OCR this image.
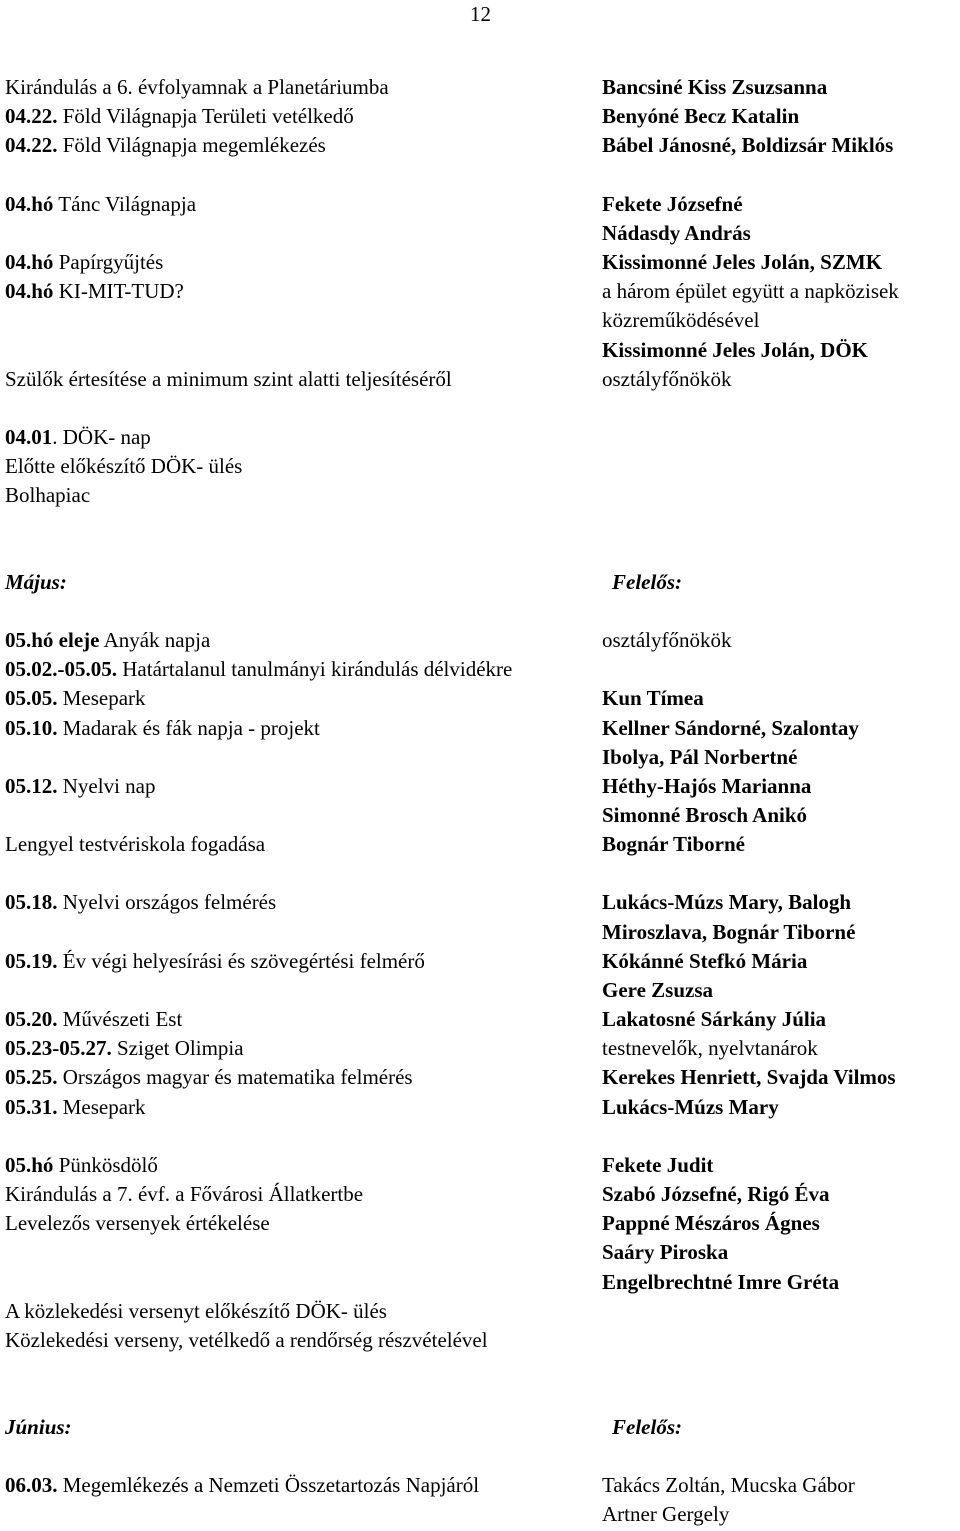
12
Kirándulás a 6. évfolyamnak a Planetáriumba	Bancsiné Kiss Zsuzsanna
04.22. Föld Világnapja Területi vetélkedő	Benyóné Becz Katalin
04.22. Föld Világnapja megemlékezés	Bábel Jánosné, Boldizsár Miklós
04.hó Tánc Világnapja	Fekete Józsefné
Nádasdy András
04.hó Papírgyűjtés	Kissimonné Jeles Jolán, SZMK
04.hó KI-MIT-TUD?	a három épület együtt a napközisek
közreműködésével
Kissimonné Jeles Jolán, DÖK
Szülők értesítése a minimum szint alatti teljesítéséről	osztályfőnökök
04.01. DÖK- nap
Előtte előkészítő DÖK- ülés
Bolhapiac
Május:	Felelős:
05.hó eleje Anyák napja	osztályfőnökök
05.02.-05.05. Határtalanul tanulmányi kirándulás délvidékre
05.05. Mesepark	Kun Tímea
05.10. Madarak és fák napja - projekt	Kellner Sándorné, Szalontay
Ibolya, Pál Norbertné
05.12. Nyelvi nap	Héthy-Hajós Marianna
Simonné Brosch Anikó
Lengyel testvériskola fogadása	Bognár Tiborné
05.18. Nyelvi országos felmérés	Lukács-Múzs Mary, Balogh
Miroszlava, Bognár Tiborné
05.19. Év végi helyesírási és szövegértési felmérő	Kókánné Stefkó Mária
Gere Zsuzsa
05.20. Művészeti Est	Lakatosné Sárkány Júlia
05.23-05.27. Sziget Olimpia	testnevelők, nyelvtanárok
05.25. Országos magyar és matematika felmérés	Kerekes Henriett, Svajda Vilmos
05.31. Mesepark	Lukács-Múzs Mary
05.hó Pünkösdölő	Fekete Judit
Kirándulás a 7. évf. a Fővárosi Állatkertbe	Szabó Józsefné, Rigó Éva
Levelezős versenyek értékelése	Pappné Mészáros Ágnes
Saáry Piroska
Engelbrechtné Imre Gréta
A közlekedési versenyt előkészítő DÖK- ülés
Közlekedési verseny, vetélkedő a rendőrség részvételével
Június:	Felelős:
06.03. Megemlékezés a Nemzeti Összetartozás Napjáról	Takács Zoltán, Mucska Gábor
Artner Gergely
